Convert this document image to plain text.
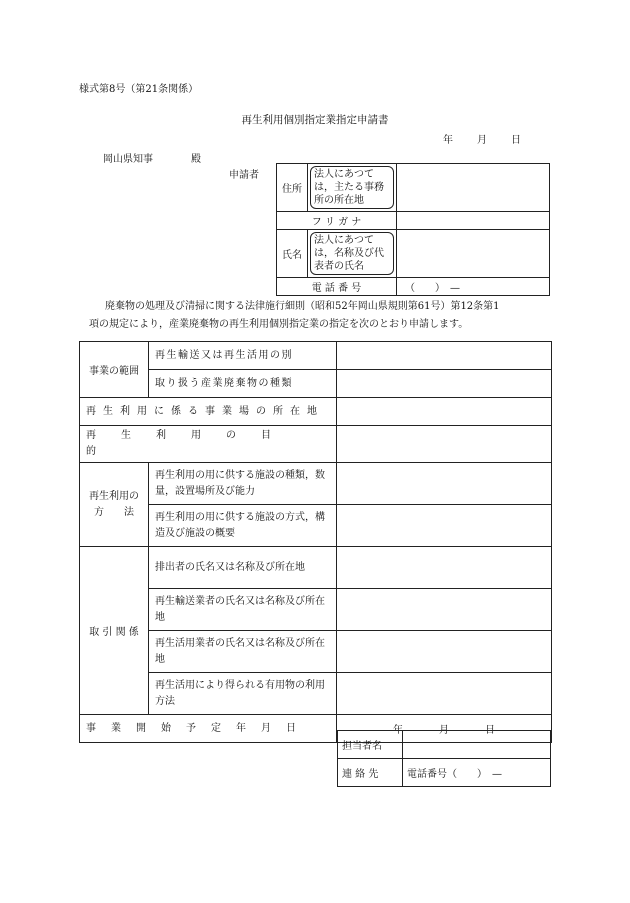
様式第8号（第21条関係）
再生利用個別指定業指定申請書
年 月 日
岡山県知事	殿
申請者
住所	法人にあつては，主たる事務所の所在地	

フ リ ガ ナ		
氏名	法人にあつては，名称及び代表者の氏名	

電 話 番 号		（　　）　—
廃棄物の処理及び清掃に関する法律施行細則（昭和52年岡山県規則第61号）第12条第1
項の規定により，産業廃棄物の再生利用個別指定業の指定を次のとおり申請します。
事業の範囲	再生輸送又は再生活用の別	
	取り扱う産業廃棄物の種類	
再生利用に係る事業場の所在地		
再生利用の目的		
再生利用の
方　　法	再生利用の用に供する施設の種類，数量，設置場所及び能力	
	再生利用の用に供する施設の方式，構造及び施設の概要	
取 引 関 係	排出者の氏名又は名称及び所在地	
	再生輸送業者の氏名又は名称及び所在地	
	再生活用業者の氏名又は名称及び所在地	
	再生活用により得られる有用物の利用方法	
事業開始予定年月日		年 月 日
担当者名	
連 絡 先	電話番号（　　）　—
